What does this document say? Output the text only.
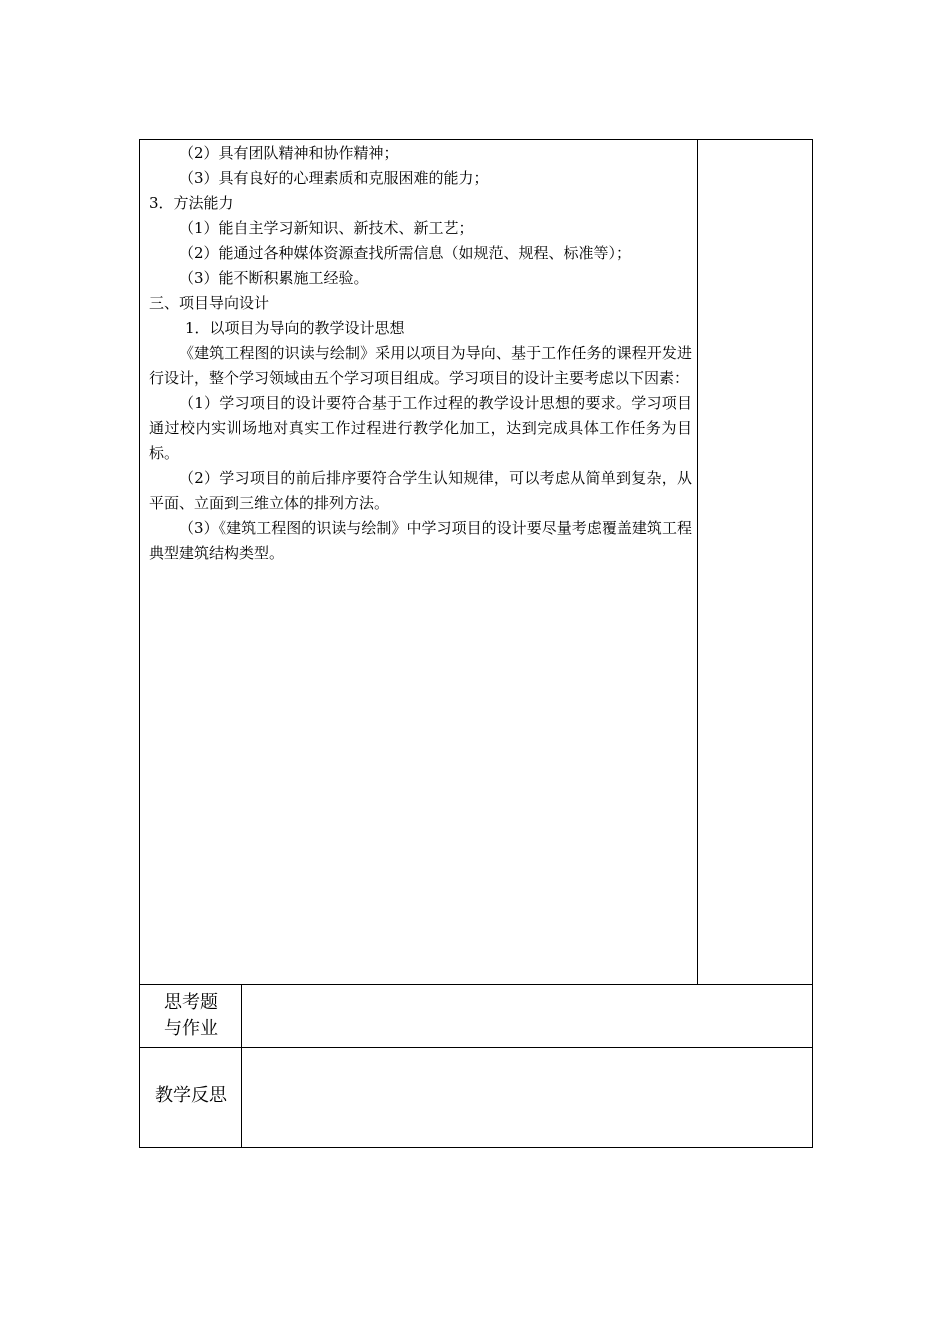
（2）具有团队精神和协作精神；

（3）具有良好的心理素质和克服困难的能力；

3．方法能力

（1）能自主学习新知识、新技术、新工艺；

（2）能通过各种媒体资源查找所需信息（如规范、规程、标准等）；

（3）能不断积累施工经验。

三、项目导向设计

1．以项目为导向的教学设计思想

《建筑工程图的识读与绘制》采用以项目为导向、基于工作任务的课程开发进行设计，整个学习领域由五个学习项目组成。学习项目的设计主要考虑以下因素：

（1）学习项目的设计要符合基于工作过程的教学设计思想的要求。学习项目通过校内实训场地对真实工作过程进行教学化加工，达到完成具体工作任务为目标。

（2）学习项目的前后排序要符合学生认知规律，可以考虑从简单到复杂，从平面、立面到三维立体的排列方法。

（3）《建筑工程图的识读与绘制》中学习项目的设计要尽量考虑覆盖建筑工程典型建筑结构类型。

思考题
与作业
教学反思
